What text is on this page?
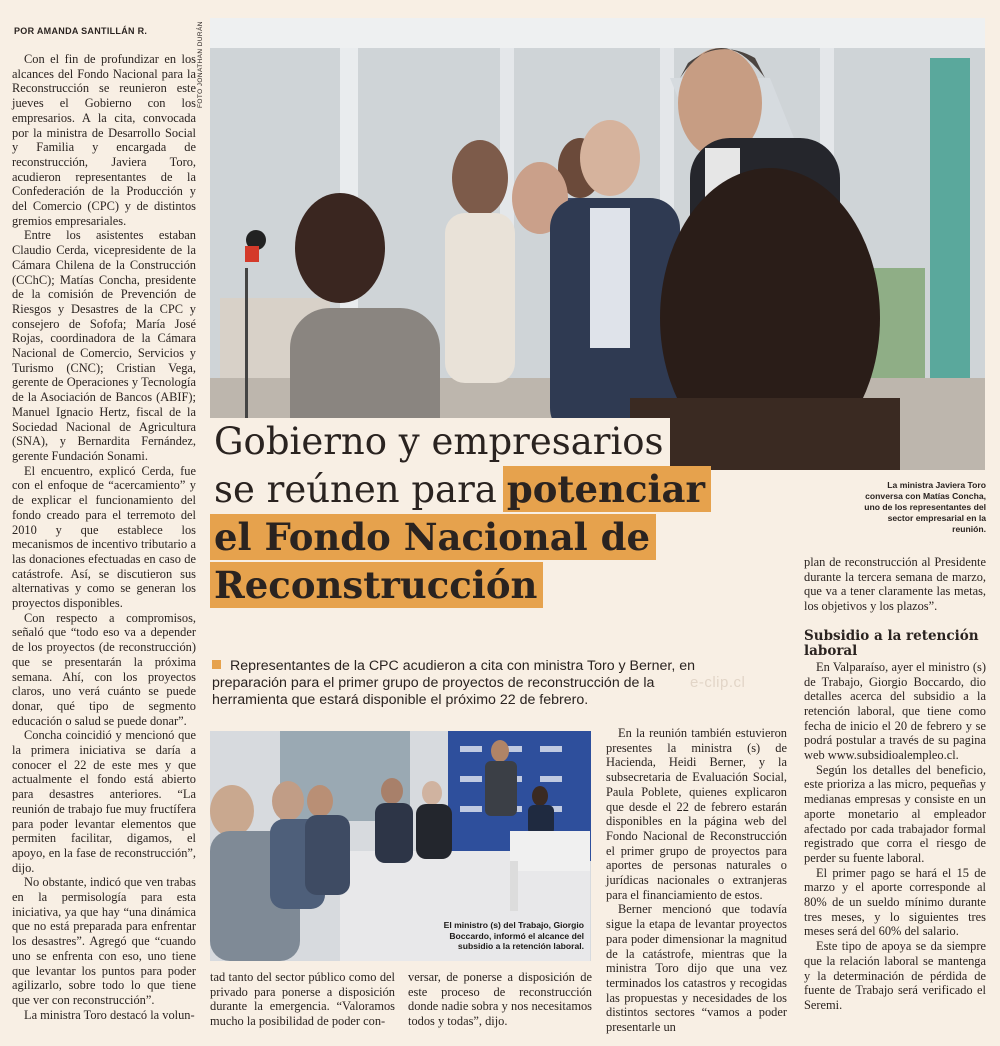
POR AMANDA SANTILLÁN R.	FOTO JONATHAN DURÁN

Con el fin de profundizar en los alcances del Fondo Nacional para la Reconstrucción se reunieron este jueves el Gobierno con los empresarios. A la cita, convocada por la ministra de Desarrollo Social y Familia y encargada de reconstrucción, Javiera Toro, acudieron representantes de la Confederación de la Producción y del Comercio (CPC) y de distintos gremios empresariales.

Entre los asistentes estaban Claudio Cerda, vicepresidente de la Cámara Chilena de la Construcción (CChC); Matías Concha, presidente de la comisión de Prevención de Riesgos y Desastres de la CPC y consejero de Sofofa; María José Rojas, coordinadora de la Cámara Nacional de Comercio, Servicios y Turismo (CNC); Cristian Vega, gerente de Operaciones y Tecnología de la Asociación de Bancos (ABIF); Manuel Ignacio Hertz, fiscal de la Sociedad Nacional de Agricultura (SNA), y Bernardita Fernández, gerente Fundación Sonami.

El encuentro, explicó Cerda, fue con el enfoque de “acercamiento” y de explicar el funcionamiento del fondo creado para el terremoto del 2010 y que establece los mecanismos de incentivo tributario a las donaciones efectuadas en caso de catástrofe. Así, se discutieron sus alternativas y como se generan los proyectos disponibles.

Con respecto a compromisos, señaló que “todo eso va a depender de los proyectos (de reconstrucción) que se presentarán la próxima semana. Ahí, con los proyectos claros, uno verá cuánto se puede donar, qué tipo de segmento educación o salud se puede donar”.

Concha coincidió y mencionó que la primera iniciativa se daría a conocer el 22 de este mes y que actualmente el fondo está abierto para desastres anteriores. “La reunión de trabajo fue muy fructífera para poder levantar elementos que permiten facilitar, digamos, el apoyo, en la fase de reconstrucción”, dijo.

No obstante, indicó que ven trabas en la permisología para esta iniciativa, ya que hay “una dinámica que no está preparada para enfrentar los desastres”. Agregó que “cuando uno se enfrenta con eso, uno tiene que levantar los puntos para poder agilizarlo, sobre todo lo que tiene que ver con reconstrucción”.

La ministra Toro destacó la volun-

Gobierno y empresarios
se reúnen para potenciar
el Fondo Nacional de
Reconstrucción
La ministra Javiera Toro conversa con Matías Concha, uno de los representantes del sector empresarial en la reunión.
Representantes de la CPC acudieron a cita con ministra Toro y Berner, en preparación para el primer grupo de proyectos de reconstrucción de la herramienta que estará disponible el próximo 22 de febrero.
e-clip.cl
El ministro (s) del Trabajo, Giorgio Boccardo, informó el alcance del subsidio a la retención laboral.

tad tanto del sector público como del privado para ponerse a disposición durante la emergencia. “Valoramos mucho la posibilidad de poder con-

versar, de ponerse a disposición de este proceso de reconstrucción donde nadie sobra y nos necesitamos todos y todas”, dijo.

En la reunión también estuvieron presentes la ministra (s) de Hacienda, Heidi Berner, y la subsecretaria de Evaluación Social, Paula Poblete, quienes explicaron que desde el 22 de febrero estarán disponibles en la página web del Fondo Nacional de Reconstrucción el primer grupo de proyectos para aportes de personas naturales o jurídicas nacionales o extranjeras para el financiamiento de estos.

Berner mencionó que todavía sigue la etapa de levantar proyectos para poder dimensionar la magnitud de la catástrofe, mientras que la ministra Toro dijo que una vez terminados los catastros y recogidas las propuestas y necesidades de los distintos sectores “vamos a poder presentarle un

plan de reconstrucción al Presidente durante la tercera semana de marzo, que va a tener claramente las metas, los objetivos y los plazos”.

Subsidio a la retención laboral

En Valparaíso, ayer el ministro (s) de Trabajo, Giorgio Boccardo, dio detalles acerca del subsidio a la retención laboral, que tiene como fecha de inicio el 20 de febrero y se podrá postular a través de su pagina web www.subsidioalempleo.cl.

Según los detalles del beneficio, este prioriza a las micro, pequeñas y medianas empresas y consiste en un aporte monetario al empleador afectado por cada trabajador formal registrado que corra el riesgo de perder su fuente laboral.

El primer pago se hará el 15 de marzo y el aporte corresponde al 80% de un sueldo mínimo durante tres meses, y lo siguientes tres meses será del 60% del salario.

Este tipo de apoya se da siempre que la relación laboral se mantenga y la determinación de pérdida de fuente de Trabajo será verificado el Seremi.
